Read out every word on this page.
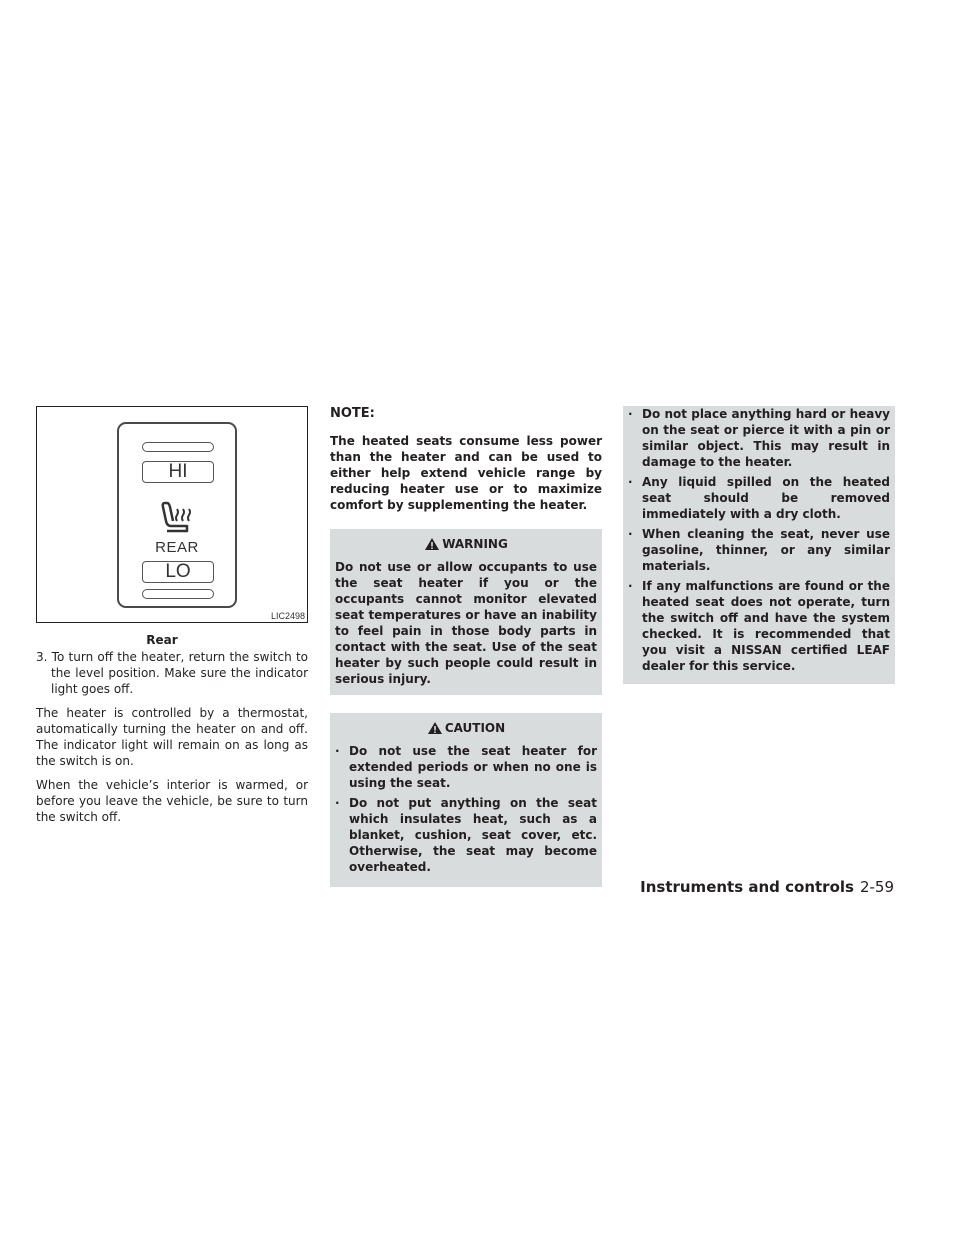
HI
REAR
LO
LIC2498
Rear

3. To turn off the heater, return the switch to the level position. Make sure the indicator light goes off.

The heater is controlled by a thermostat, automatically turning the heater on and off. The indicator light will remain on as long as the switch is on.

When the vehicle’s interior is warmed, or before you leave the vehicle, be sure to turn the switch off.

NOTE:

The heated seats consume less power than the heater and can be used to either help extend vehicle range by reducing heater use or to maximize comfort by supplementing the heater.

WARNING

Do not use or allow occupants to use the seat heater if you or the occupants cannot monitor elevated seat temperatures or have an inability to feel pain in those body parts in contact with the seat. Use of the seat heater by such people could result in serious injury.

CAUTION

· Do not use the seat heater for extended periods or when no one is using the seat.

· Do not put anything on the seat which insulates heat, such as a blanket, cushion, seat cover, etc. Otherwise, the seat may become overheated.

· Do not place anything hard or heavy on the seat or pierce it with a pin or similar object. This may result in damage to the heater.

· Any liquid spilled on the heated seat should be removed immediately with a dry cloth.

· When cleaning the seat, never use gasoline, thinner, or any similar materials.

· If any malfunctions are found or the heated seat does not operate, turn the switch off and have the system checked. It is recommended that you visit a NISSAN certified LEAF dealer for this service.

Instruments and controls 2-59
